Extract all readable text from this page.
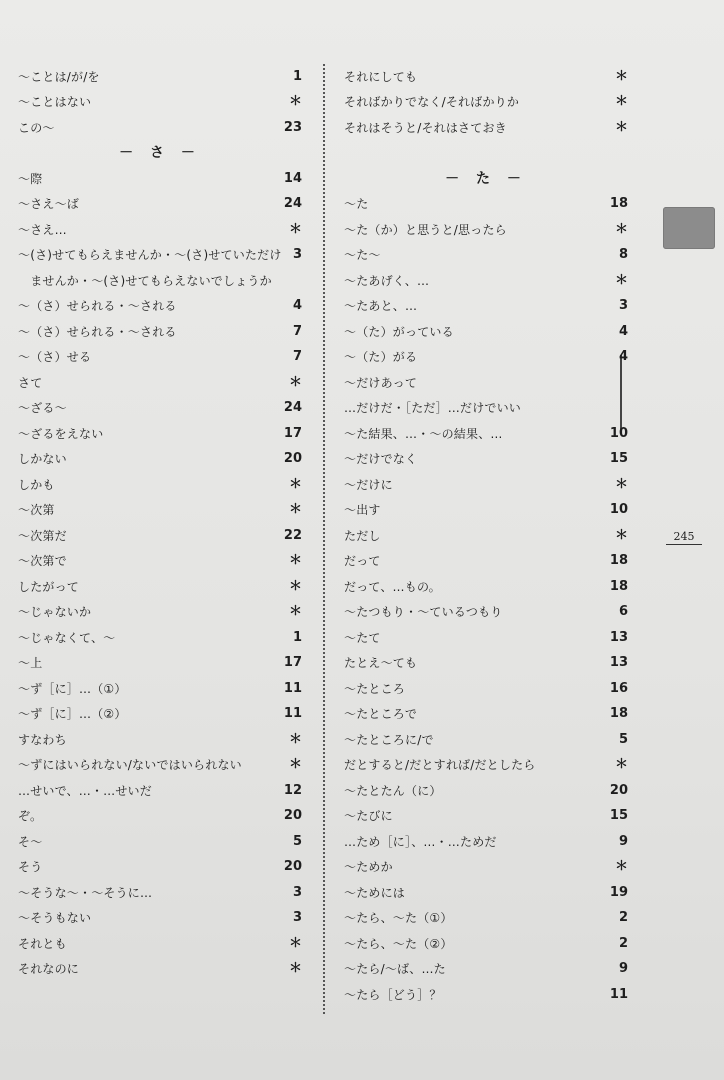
245
～ことは/が/を	1
～ことはない	＊
この～	23
－ さ －
～際	14
～さえ～ば	24
～さえ…	＊
～(さ)せてもらえませんか・～(さ)せていただけ 3
　ませんか・～(さ)せてもらえないでしょうか
～（さ）せられる・～される	4
～（さ）せられる・～される	7
～（さ）せる	7
さて	＊
～ざる～	24
～ざるをえない	17
しかない	20
しかも	＊
～次第	＊
～次第だ	22
～次第で	＊
したがって	＊
～じゃないか	＊
～じゃなくて、～	1
～上	17
～ず［に］…（①）	11
～ず［に］…（②）	11
すなわち	＊
～ずにはいられない/ないではいられない	＊
…せいで、…・…せいだ	12
ぞ。	20
そ～	5
そう	20
～そうな～・～そうに…	3
～そうもない	3
それとも	＊
それなのに	＊
それにしても	＊
そればかりでなく/そればかりか	＊
それはそうと/それはさておき	＊
－ た －
～た	18
～た（か）と思うと/思ったら	＊
～た～	8
～たあげく、…	＊
～たあと、…	3
～（た）がっている	4
～（た）がる	4
～だけあって
…だけだ・［ただ］…だけでいい
～た結果、…・～の結果、…	10
～だけでなく	15
～だけに	＊
～出す	10
ただし	＊
だって	18
だって、…もの。	18
～たつもり・～ているつもり	6
～たて	13
たとえ～ても	13
～たところ	16
～たところで	18
～たところに/で	5
だとすると/だとすれば/だとしたら	＊
～たとたん（に）	20
～たびに	15
…ため［に］、…・…ためだ	9
～ためか	＊
～ためには	19
～たら、～た（①）	2
～たら、～た（②）	2
～たら/～ば、…た	9
～たら［どう］？	11
